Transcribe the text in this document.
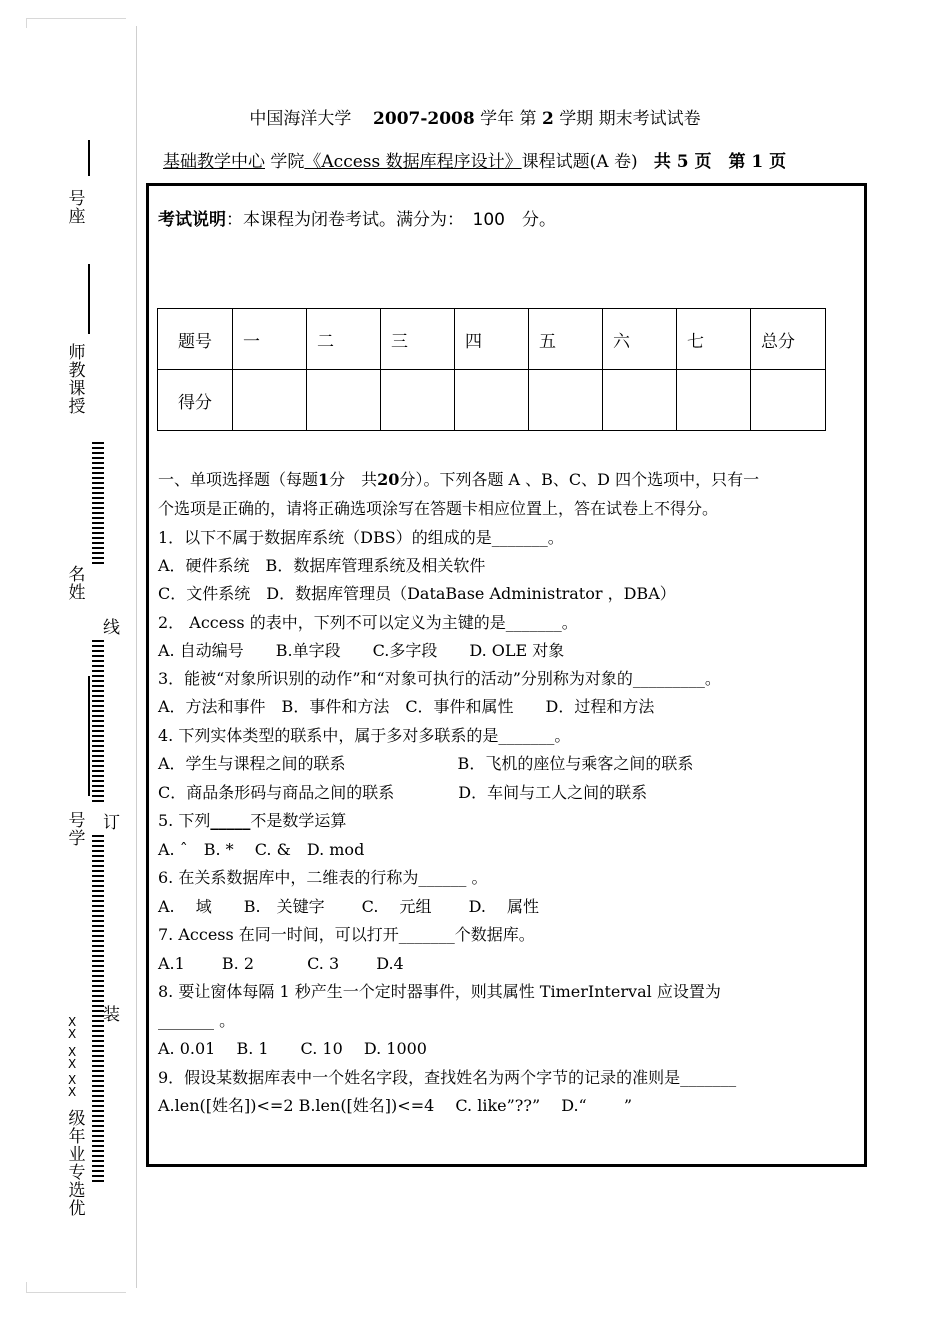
号
座
师
教
课
授
名
姓
线
订
号
学
装
X
X
X
X
X
X
级
年
业
专
选
优
中国海洋大学 2007-2008 学年 第 2 学期 期末考试试卷
基础教学中心 学院《Access 数据库程序设计》课程试题(A 卷) 共 5 页　第 1 页
考试说明：本课程为闭卷考试。满分为：　100　分。
题号	一	二	三	四	五	六	七	总分
得分								
一、单项选择题（每题1分　共20分）。下列各题 A 、B、C、D 四个选项中，只有一
个选项是正确的，请将正确选项涂写在答题卡相应位置上，答在试卷上不得分。
1．以下不属于数据库系统（DBS）的组成的是_______。
A．硬件系统　B．数据库管理系统及相关软件
C．文件系统　D．数据库管理员（DataBase Administrator ，DBA）
2． Access 的表中，下列不可以定义为主键的是_______。
A. 自动编号　　B.单字段　　C.多字段　　D. OLE 对象
3．能被“对象所识别的动作”和“对象可执行的活动”分别称为对象的_________。
A．方法和事件　B．事件和方法　C．事件和属性　　D．过程和方法
4. 下列实体类型的联系中，属于多对多联系的是_______。
A．学生与课程之间的联系　　　　　　　B．飞机的座位与乘客之间的联系
C．商品条形码与商品之间的联系　　　　D．车间与工人之间的联系
5. 下列_____不是数学运算
A. ˆ　B. *　 C. &　D. mod
6. 在关系数据库中，二维表的行称为______ 。
A.　 域　　B.　关键字　　 C.　 元组　　 D.　 属性
7. Access 在同一时间，可以打开_______个数据库。
A.1　　 B. 2　　　 C. 3　　 D.4
8. 要让窗体每隔 1 秒产生一个定时器事件，则其属性 TimerInterval 应设置为
_______ 。
A. 0.01　 B. 1　　C. 10　 D. 1000
9．假设某数据库表中一个姓名字段，查找姓名为两个字节的记录的准则是_______
A.len([姓名])<=2 B.len([姓名])<=4　 C. like”??”　 D.“　　 ”
